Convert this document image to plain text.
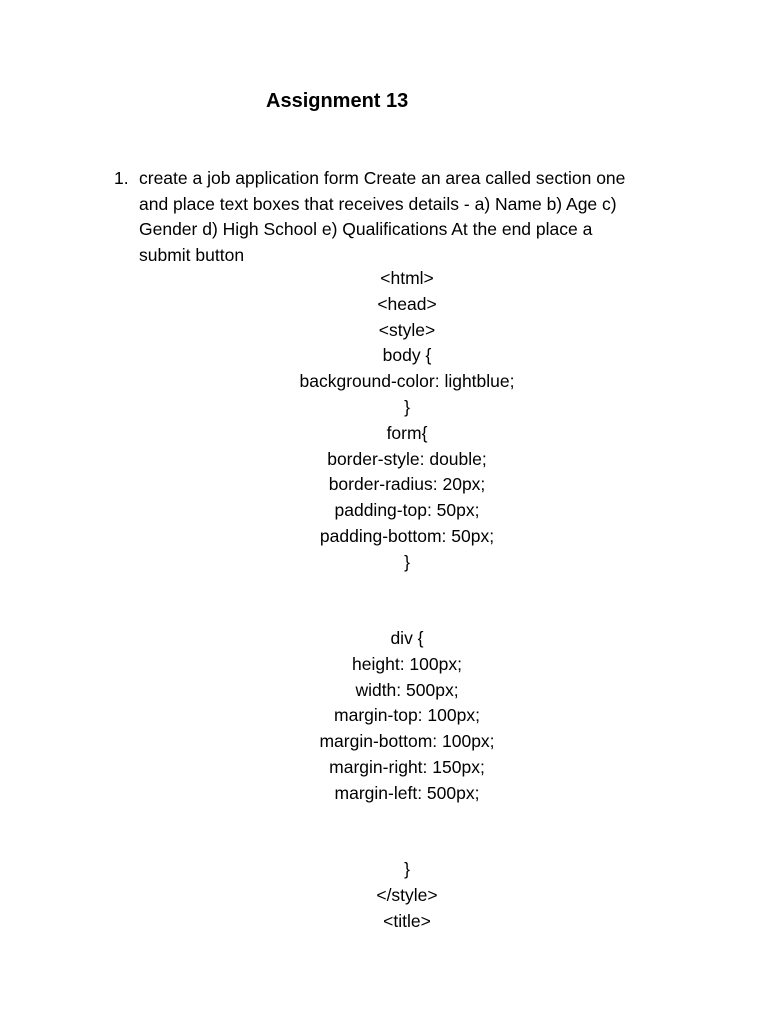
Assignment 13
1. create a job application form Create an area called section one
and place text boxes that receives details - a) Name b) Age c)
Gender d) High School e) Qualifications At the end place a
submit button
<html>
<head>
<style>
body {
background-color: lightblue;
}
form{
border-style: double;
border-radius: 20px;
padding-top: 50px;
padding-bottom: 50px;
}
div {
height: 100px;
width: 500px;
margin-top: 100px;
margin-bottom: 100px;
margin-right: 150px;
margin-left: 500px;
}
</style>
<title>
